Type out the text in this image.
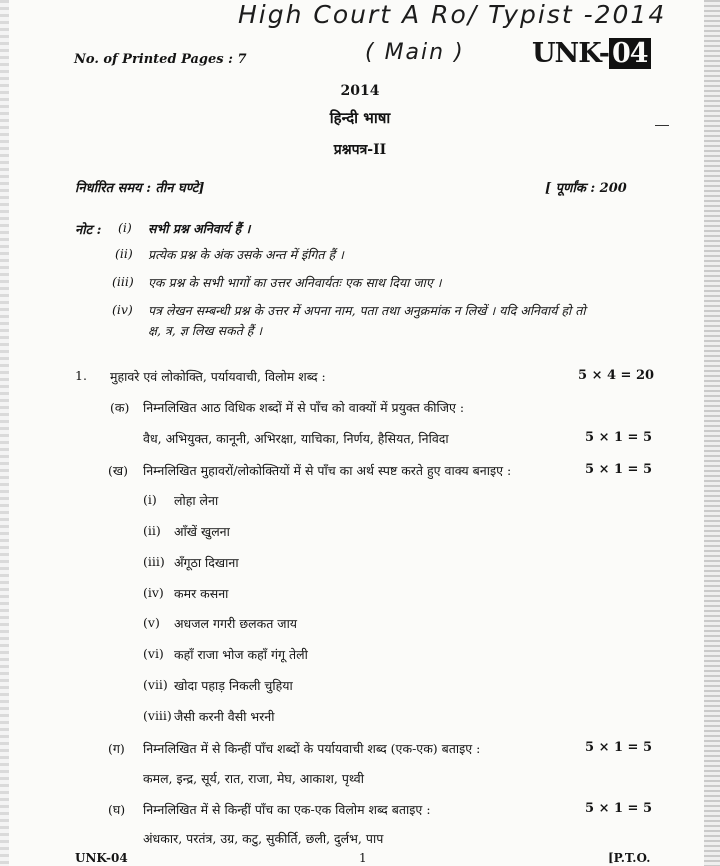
High Court A Ro/ Typist -2014
( Main )
No. of Printed Pages : 7	UNK- 04
2014
हिन्दी भाषा
प्रश्नपत्र-II
निर्धारित समय : तीन घण्टे]	[ पूर्णांक : 200
नोट : (i) सभी प्रश्न अनिवार्य हैं ।
(ii) प्रत्येक प्रश्न के अंक उसके अन्त में इंगित हैं ।
(iii) एक प्रश्न के सभी भागों का उत्तर अनिवार्यतः एक साथ दिया जाए ।
(iv) पत्र लेखन सम्बन्धी प्रश्न के उत्तर में अपना नाम, पता तथा अनुक्रमांक न लिखें । यदि अनिवार्य हो तो
क्ष, त्र, ज्ञ लिख सकते हैं ।
1. मुहावरे एवं लोकोक्ति, पर्यायवाची, विलोम शब्द :	5 × 4 = 20
(क) निम्नलिखित आठ विधिक शब्दों में से पाँच को वाक्यों में प्रयुक्त कीजिए :
वैध, अभियुक्त, कानूनी, अभिरक्षा, याचिका, निर्णय, हैसियत, निविदा	5 × 1 = 5
(ख) निम्नलिखित मुहावरों/लोकोक्तियों में से पाँच का अर्थ स्पष्ट करते हुए वाक्य बनाइए :	5 × 1 = 5
(i) लोहा लेना
(ii) आँखें खुलना
(iii) अँगूठा दिखाना
(iv) कमर कसना
(v) अधजल गगरी छलकत जाय
(vi) कहाँ राजा भोज कहाँ गंगू तेली
(vii) खोदा पहाड़ निकली चुहिया
(viii) जैसी करनी वैसी भरनी
(ग) निम्नलिखित में से किन्हीं पाँच शब्दों के पर्यायवाची शब्द (एक-एक) बताइए :	5 × 1 = 5
कमल, इन्द्र, सूर्य, रात, राजा, मेघ, आकाश, पृथ्वी
(घ) निम्नलिखित में से किन्हीं पाँच का एक-एक विलोम शब्द बताइए :	5 × 1 = 5
अंधकार, परतंत्र, उग्र, कटु, सुकीर्ति, छली, दुर्लभ, पाप
UNK-04	1	[P.T.O.
